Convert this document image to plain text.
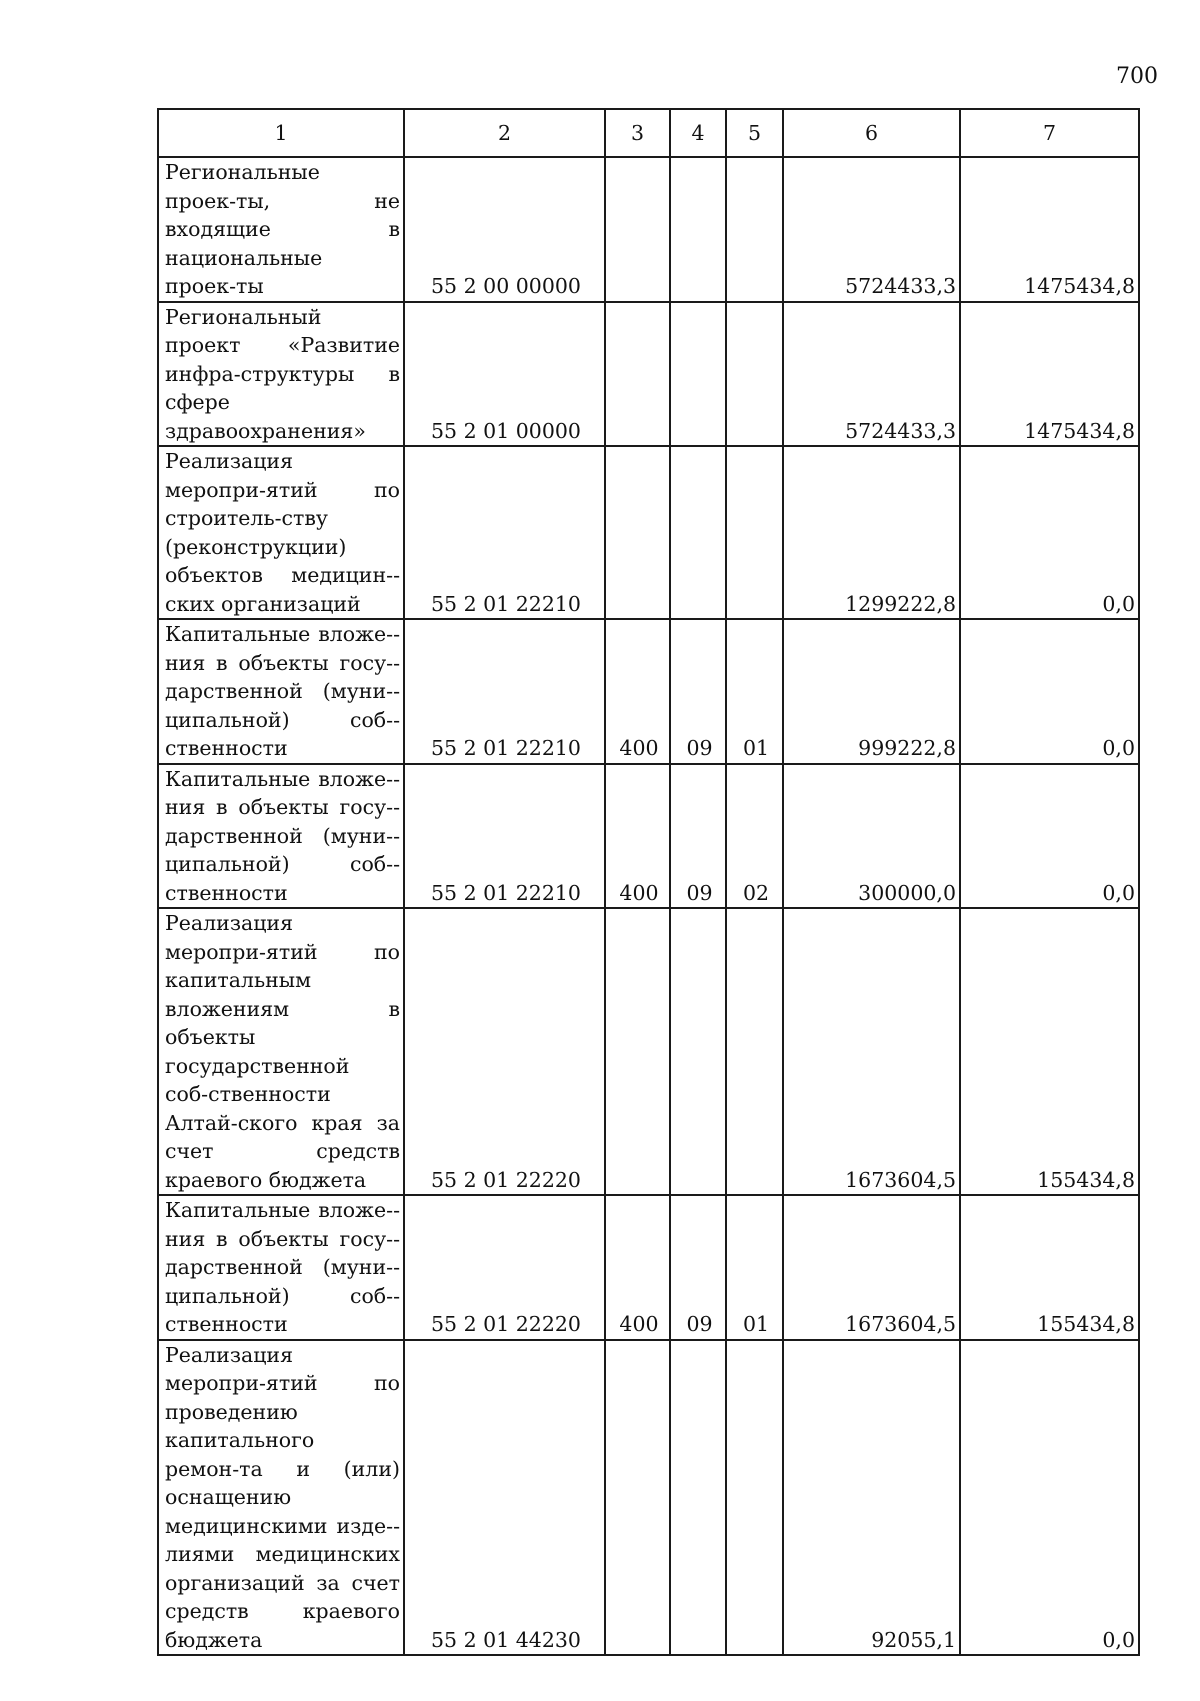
700
1	2	3	4	5	6	7
Региональные проек-ты, не входящие в национальные проек-ты	55 2 00 00000				5724433,3	1475434,8
Региональный проект «Развитие инфра-структуры в сфере здравоохранения»	55 2 01 00000				5724433,3	1475434,8
Реализация меропри-ятий по строитель-ству (реконструкции) объектов медицин-ских организаций	55 2 01 22210				1299222,8	0,0
Капитальные вложе-ния в объекты госу-дарственной (муни-ципальной) соб-ственности	55 2 01 22210	400	09	01	999222,8	0,0
Капитальные вложе-ния в объекты госу-дарственной (муни-ципальной) соб-ственности	55 2 01 22210	400	09	02	300000,0	0,0
Реализация меропри-ятий по капитальным вложениям в объекты государственной соб-ственности Алтай-ского края за счет средств краевого бюджета	55 2 01 22220				1673604,5	155434,8
Капитальные вложе-ния в объекты госу-дарственной (муни-ципальной) соб-ственности	55 2 01 22220	400	09	01	1673604,5	155434,8
Реализация меропри-ятий по проведению капитального ремон-та и (или) оснащению медицинскими изде-лиями медицинских организаций за счет средств краевого бюджета	55 2 01 44230				92055,1	0,0
